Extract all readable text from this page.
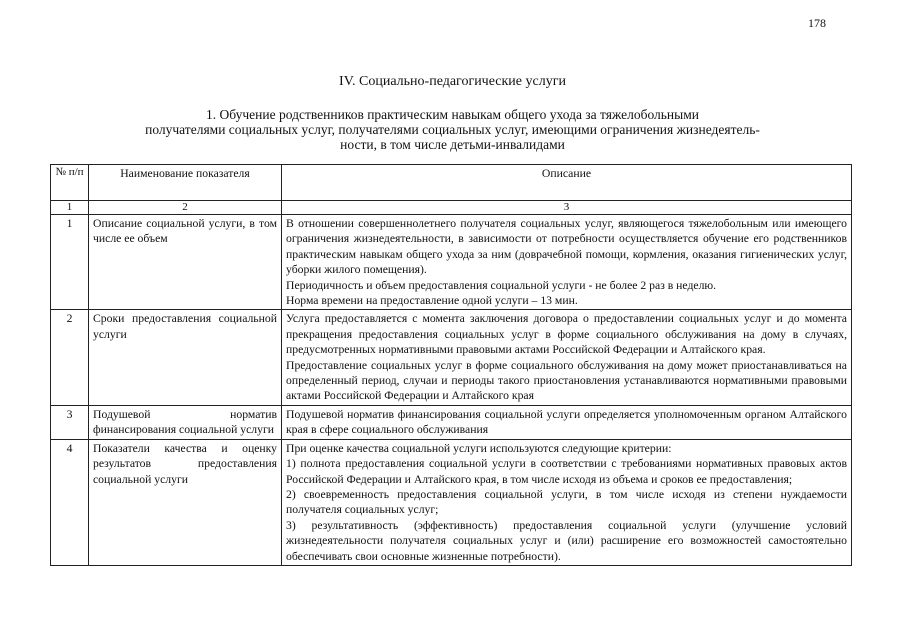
178
IV. Социально-педагогические услуги
1. Обучение родственников практическим навыкам общего ухода за тяжелобольными
получателями социальных услуг, получателями социальных услуг, имеющими ограничения жизнедеятель-
ности, в том числе детьми-инвалидами
№ п/п	Наименование показателя	Описание
1	2	3
1	Описание социальной услуги, в том числе ее объем	В отношении совершеннолетнего получателя социальных услуг, являющегося тяжелобольным или имеющего ограничения жизнедеятельности, в зависимости от потребности осуществляется обучение его родственников практическим навыкам общего ухода за ним (доврачебной помощи, кормления, оказания гигиенических услуг, уборки жилого помещения).
Периодичность и объем предоставления социальной услуги - не более 2 раз в неделю.
Норма времени на предоставление одной услуги – 13 мин.

2	Сроки предоставления социальной услуги	Услуга предоставляется с момента заключения договора о предоставлении социальных услуг и до момента прекращения предоставления социальных услуг в форме социального обслуживания на дому в случаях, предусмотренных нормативными правовыми актами Российской Федерации и Алтайского края.
Предоставление социальных услуг в форме социального обслуживания на дому может приостанавливаться на определенный период, случаи и периоды такого приостановления устанавливаются нормативными правовыми актами Российской Федерации и Алтайского края

3	Подушевой норматив финансирования социальной услуги	Подушевой норматив финансирования социальной услуги определяется уполномоченным органом Алтайского края в сфере социального обслуживания

4	Показатели качества и оценку результатов предоставления социальной услуги	При оценке качества социальной услуги используются следующие критерии:
1) полнота предоставления социальной услуги в соответствии с требованиями нормативных правовых актов Российской Федерации и Алтайского края, в том числе исходя из объема и сроков ее предоставления;
2) своевременность предоставления социальной услуги, в том числе исходя из степени нуждаемости получателя социальных услуг;
3) результативность (эффективность) предоставления социальной услуги (улучшение условий жизнедеятельности получателя социальных услуг и (или) расширение его возможностей самостоятельно обеспечивать свои основные жизненные потребности).
